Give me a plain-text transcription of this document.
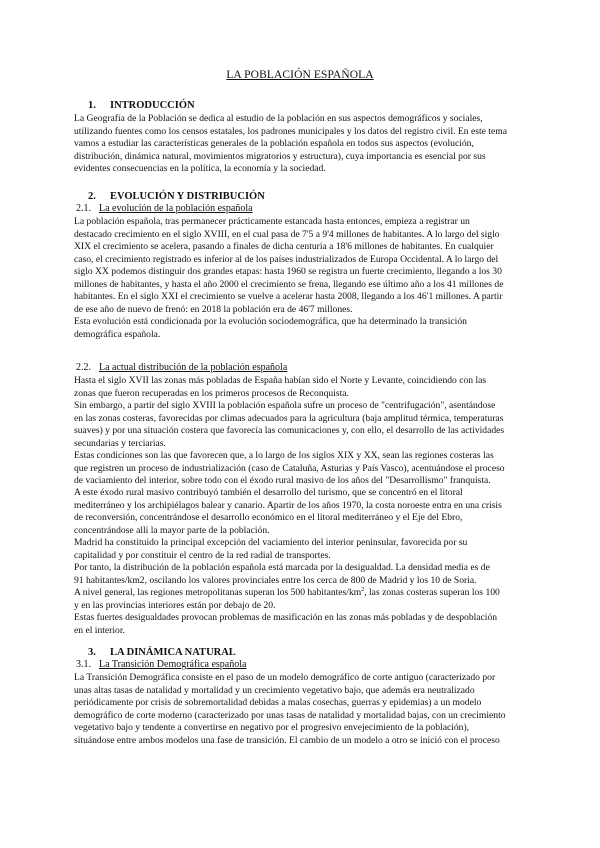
LA POBLACIÓN ESPAÑOLA
1. INTRODUCCIÓN
La Geografía de la Población se dedica al estudio de la población en sus aspectos demográficos y sociales,
utilizando fuentes como los censos estatales, los padrones municipales y los datos del registro civil. En este tema
vamos a estudiar las características generales de la población española en todos sus aspectos (evolución,
distribución, dinámica natural, movimientos migratorios y estructura), cuya importancia es esencial por sus
evidentes consecuencias en la política, la economía y la sociedad.
2. EVOLUCIÓN Y DISTRIBUCIÓN
2.1. La evolución de la población española
La población española, tras permanecer prácticamente estancada hasta entonces, empieza a registrar un
destacado crecimiento en el siglo XVIII, en el cual pasa de 7'5 a 9'4 millones de habitantes. A lo largo del siglo
XIX el crecimiento se acelera, pasando a finales de dicha centuria a 18'6 millones de habitantes. En cualquier
caso, el crecimiento registrado es inferior al de los países industrializados de Europa Occidental. A lo largo del
siglo XX podemos distinguir dos grandes etapas: hasta 1960 se registra un fuerte crecimiento, llegando a los 30
millones de habitantes, y hasta el año 2000 el crecimiento se frena, llegando ese último año a los 41 millones de
habitantes. En el siglo XXI el crecimiento se vuelve a acelerar hasta 2008, llegando a los 46'1 millones. A partir
de ese año de nuevo de frenó: en 2018 la población era de 46'7 millones.
Esta evolución está condicionada por la evolución sociodemográfica, que ha determinado la transición
demográfica española.
2.2. La actual distribución de la población española
Hasta el siglo XVII las zonas más pobladas de España habían sido el Norte y Levante, coincidiendo con las
zonas que fueron recuperadas en los primeros procesos de Reconquista.
Sin embargo, a partir del siglo XVIII la población española sufre un proceso de "centrifugación", asentándose
en las zonas costeras, favorecidas por climas adecuados para la agricultura (baja amplitud térmica, temperaturas
suaves) y por una situación costera que favorecía las comunicaciones y, con ello, el desarrollo de las actividades
secundarias y terciarias.
Estas condiciones son las que favorecen que, a lo largo de los siglos XIX y XX, sean las regiones costeras las
que registren un proceso de industrialización (caso de Cataluña, Asturias y País Vasco), acentuándose el proceso
de vaciamiento del interior, sobre todo con el éxodo rural masivo de los años del "Desarrollismo" franquista.
A este éxodo rural masivo contribuyó también el desarrollo del turismo, que se concentró en el litoral
mediterráneo y los archipiélagos balear y canario. Apartir de los años 1970, la costa noroeste entra en una crisis
de reconversión, concentrándose el desarrollo económico en el litoral mediterráneo y el Eje del Ebro,
concentrándose allí la mayor parte de la población.
Madrid ha constituido la principal excepción del vaciamiento del interior peninsular, favorecida por su
capitalidad y por constituir el centro de la red radial de transportes.
Por tanto, la distribución de la población española está marcada por la desigualdad. La densidad media es de
91 habitantes/km2, oscilando los valores provinciales entre los cerca de 800 de Madrid y los 10 de Soria.
A nivel general, las regiones metropolitanas superan los 500 habitantes/$km^2$, las zonas costeras superan los 100
y en las provincias interiores están por debajo de 20.
Estas fuertes desigualdades provocan problemas de masificación en las zonas más pobladas y de despoblación
en el interior.
3. LA DINÁMICA NATURAL
3.1. La Transición Demográfica española
La Transición Demográfica consiste en el paso de un modelo demográfico de corte antiguo (caracterizado por
unas altas tasas de natalidad y mortalidad y un crecimiento vegetativo bajo, que además era neutralizado
periódicamente por crisis de sobremortalidad debidas a malas cosechas, guerras y epidemias) a un modelo
demográfico de corte moderno (caracterizado por unas tasas de natalidad y mortalidad bajas, con un crecimiento
vegetativo bajo y tendente a convertirse en negativo por el progresivo envejecimiento de la población),
situándose entre ambos modelos una fase de transición. El cambio de un modelo a otro se inició con el proceso
